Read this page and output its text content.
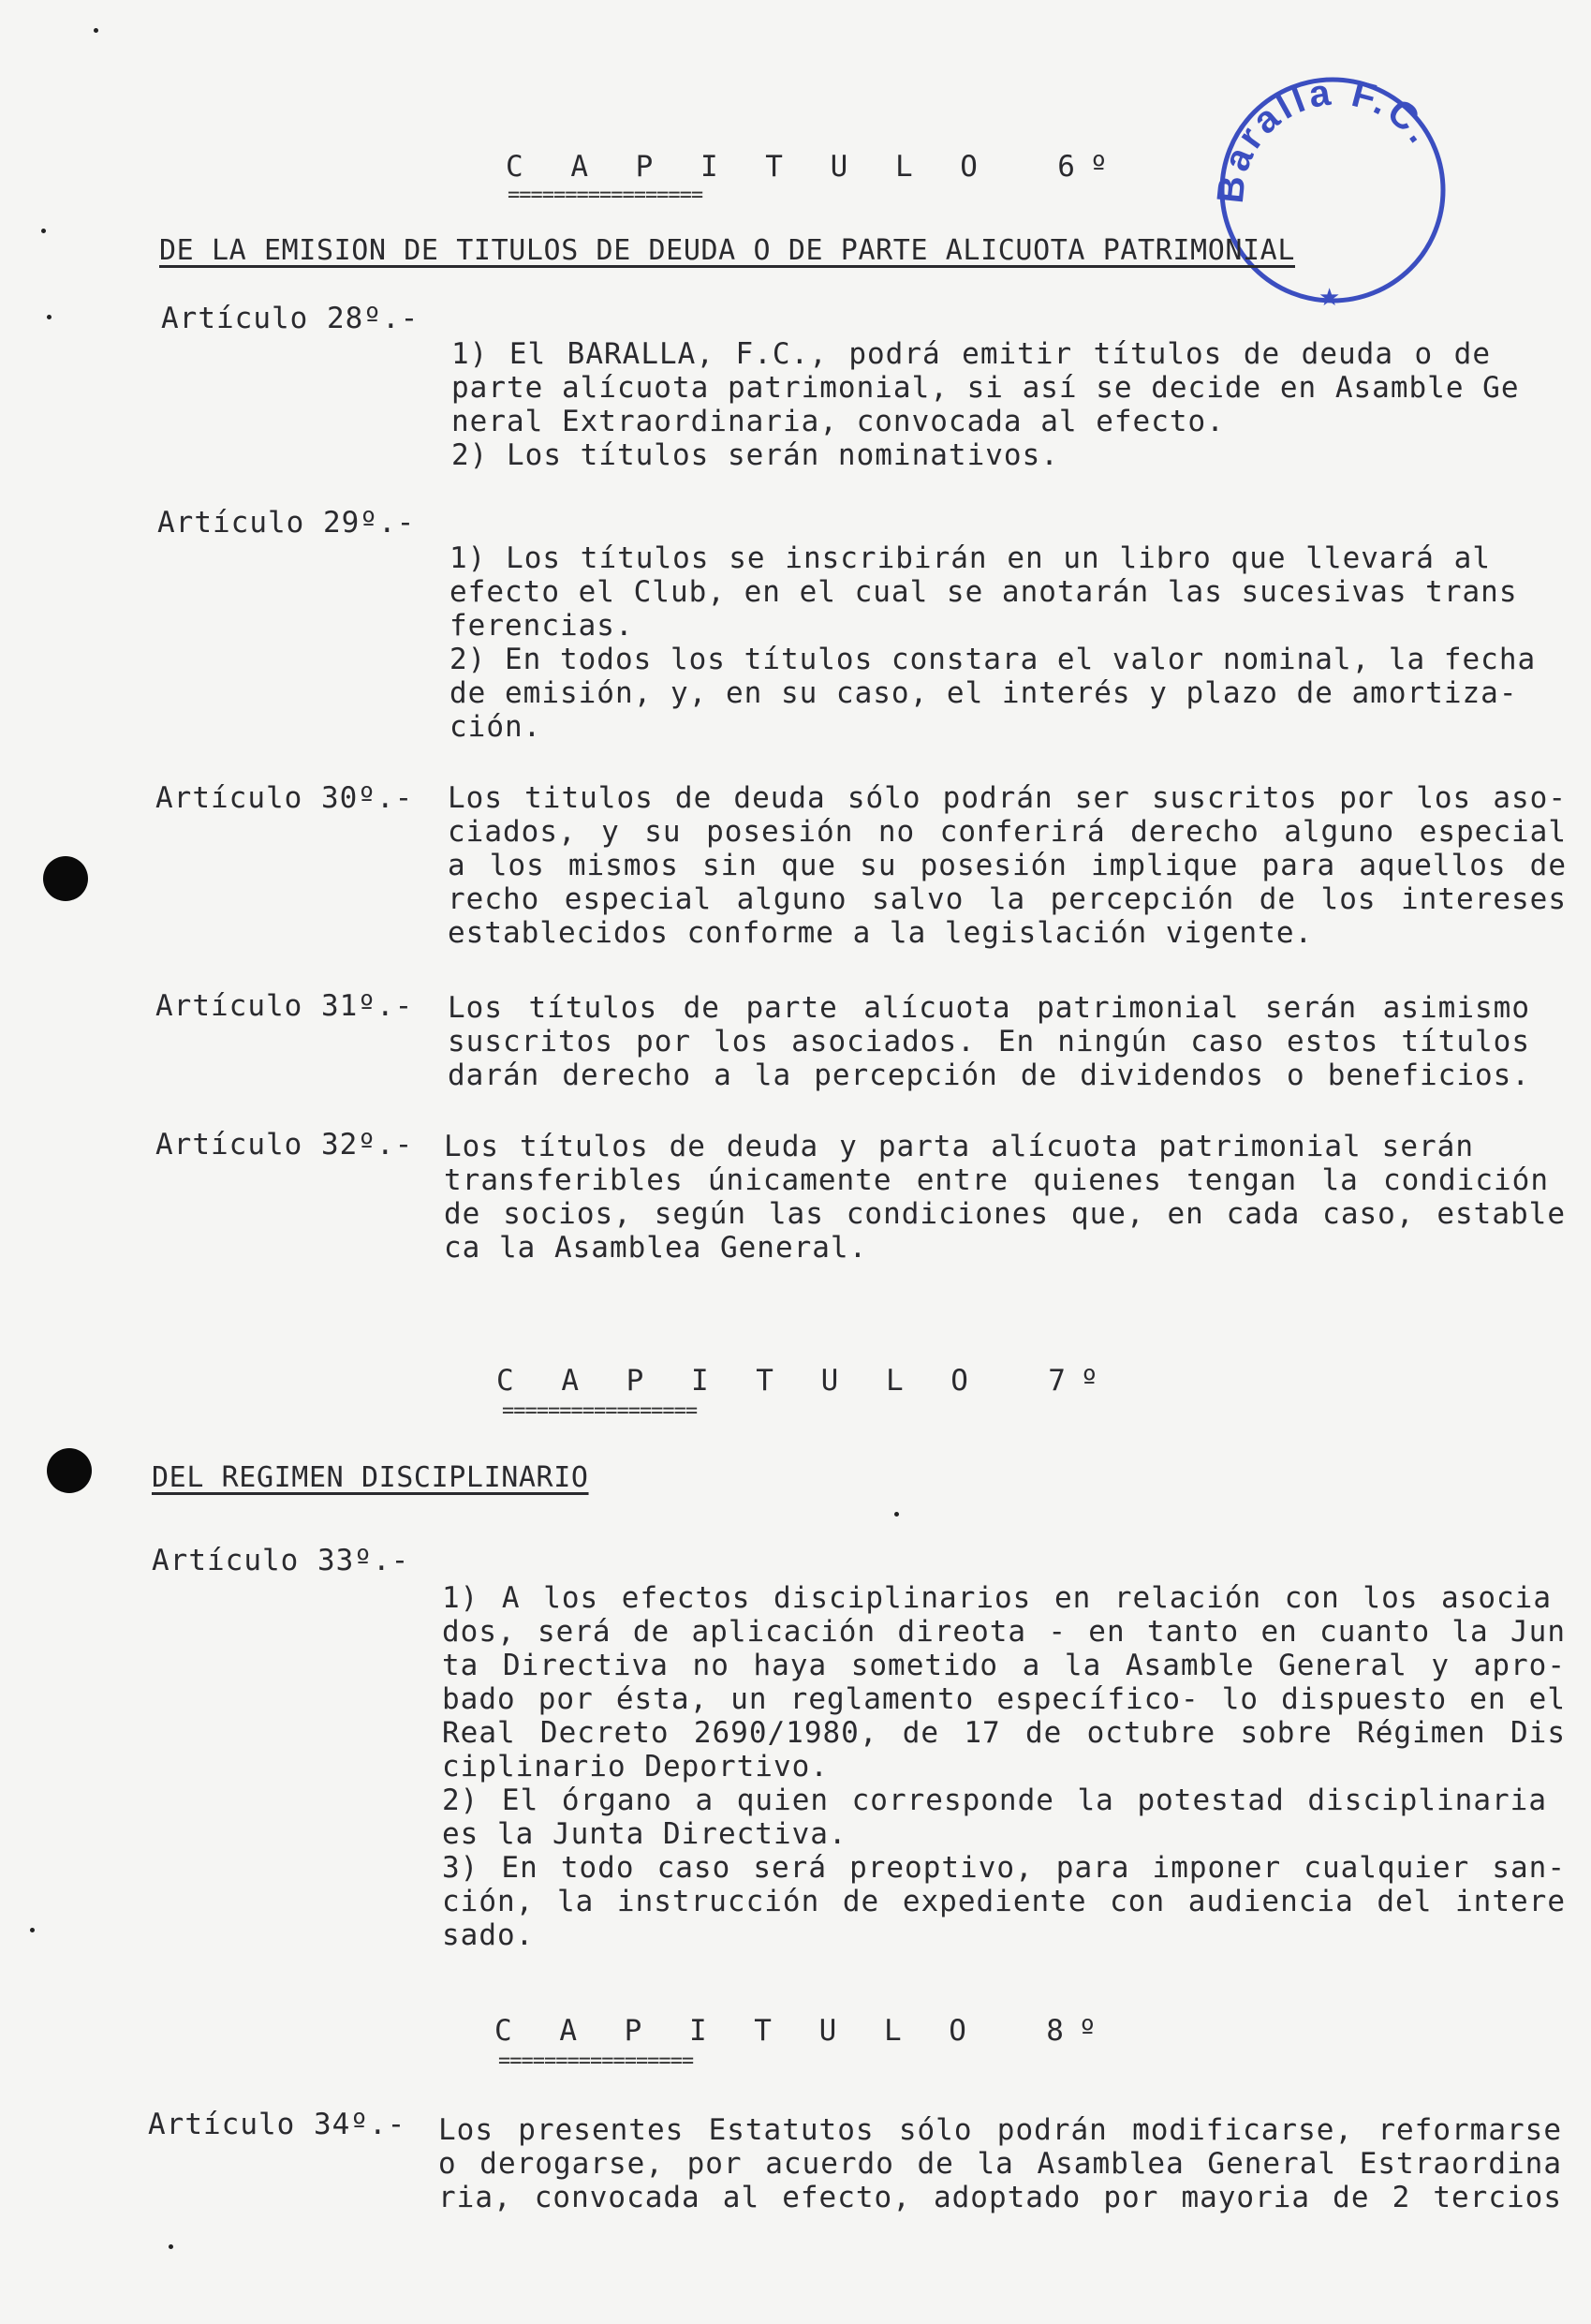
Baralla F.C.
★
C A P I T U L O  6º
=================
DE LA EMISION DE TITULOS DE DEUDA O DE PARTE ALICUOTA PATRIMONIAL
Artículo 28º.-
1) El BARALLA, F.C., podrá emitir títulos de deuda o de
parte alícuota patrimonial, si así se decide en Asamble Ge
neral Extraordinaria, convocada al efecto.
2) Los títulos serán nominativos.
Artículo 29º.-
1) Los títulos se inscribirán en un libro que llevará al
efecto el Club, en el cual se anotarán las sucesivas trans
ferencias.
2) En todos los títulos constara el valor nominal, la fecha
de emisión, y, en su caso, el interés y plazo de amortiza-
ción.
Artículo 30º.- Los titulos de deuda sólo podrán ser suscritos por los aso-
ciados, y su posesión no conferirá derecho alguno especial
a los mismos sin que su posesión implique para aquellos de
recho especial alguno salvo la percepción de los intereses
establecidos conforme a la legislación vigente.
Artículo 31º.- Los títulos de parte alícuota patrimonial serán asimismo
suscritos por los asociados. En ningún caso estos títulos
darán derecho a la percepción de dividendos o beneficios.
Artículo 32º.- Los títulos de deuda y parta alícuota patrimonial serán
transferibles únicamente entre quienes tengan la condición
de socios, según las condiciones que, en cada caso, estable
ca la Asamblea General.
C A P I T U L O  7º
=================
DEL REGIMEN DISCIPLINARIO
Artículo 33º.-
1) A los efectos disciplinarios en relación con los asocia
dos, será de aplicación direota - en tanto en cuanto la Jun
ta Directiva no haya sometido a la Asamble General y apro-
bado por ésta, un reglamento específico- lo dispuesto en el
Real Decreto 2690/1980, de 17 de octubre sobre Régimen Dis
ciplinario Deportivo.
2) El órgano a quien corresponde la potestad disciplinaria
es la Junta Directiva.
3) En todo caso será preoptivo, para imponer cualquier san-
ción, la instrucción de expediente con audiencia del intere
sado.
C A P I T U L O  8º
=================
Artículo 34º.- Los presentes Estatutos sólo podrán modificarse, reformarse
o derogarse, por acuerdo de la Asamblea General Estraordina
ria, convocada al efecto, adoptado por mayoria de 2 tercios
